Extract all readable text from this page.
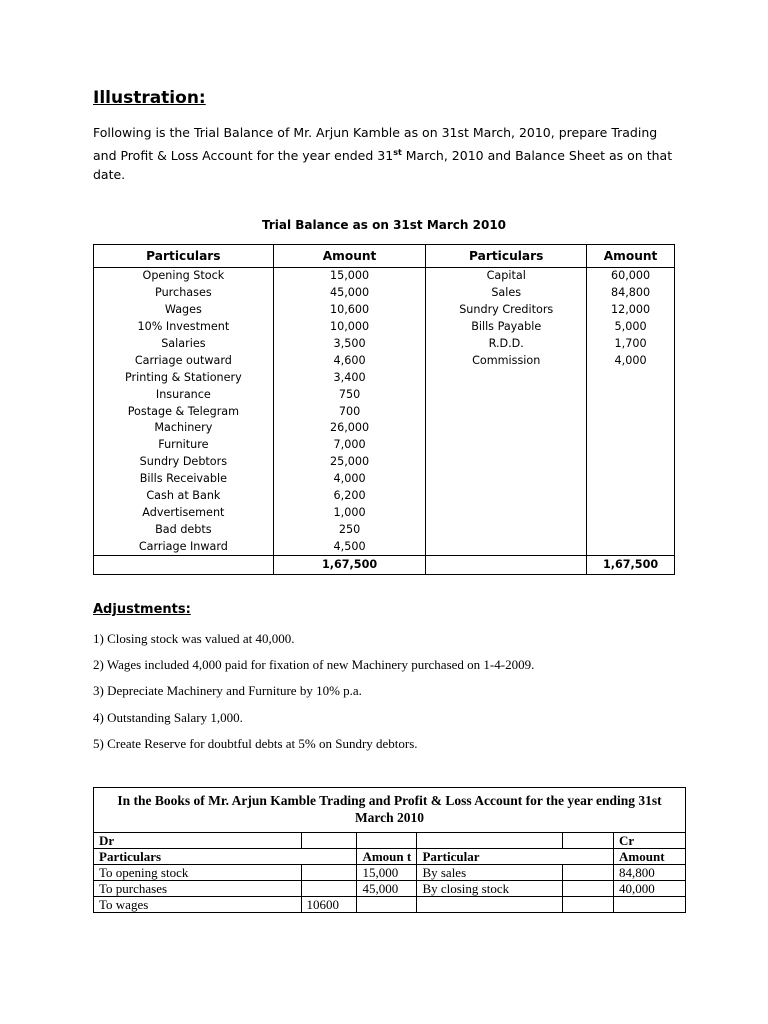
Illustration:
Following is the Trial Balance of Mr. Arjun Kamble as on 31st March, 2010, prepare Trading and Profit & Loss Account for the year ended 31st March, 2010 and Balance Sheet as on that date.
Trial Balance as on 31st March 2010
Particulars	Amount	Particulars	Amount
Opening Stock	15,000	Capital	60,000
Purchases	45,000	Sales	84,800
Wages	10,600	Sundry Creditors	12,000
10% Investment	10,000	Bills Payable	5,000
Salaries	3,500	R.D.D.	1,700
Carriage outward	4,600	Commission	4,000
Printing & Stationery	3,400		
Insurance	750		
Postage & Telegram	700		
Machinery	26,000		
Furniture	7,000		
Sundry Debtors	25,000		
Bills Receivable	4,000		
Cash at Bank	6,200		
Advertisement	1,000		
Bad debts	250		
Carriage Inward	4,500		
	1,67,500		1,67,500
Adjustments:
1) Closing stock was valued at 40,000.
2) Wages included 4,000 paid for fixation of new Machinery purchased on 1-4-2009.
3) Depreciate Machinery and Furniture by 10% p.a.
4) Outstanding Salary 1,000.
5) Create Reserve for doubtful debts at 5% on Sundry debtors.
In the Books of Mr. Arjun Kamble Trading and Profit & Loss Account for the year ending 31st March 2010					
Dr					Cr
Particulars		Amoun t	Particular		Amount
To opening stock		15,000	By sales		84,800
To purchases		45,000	By closing stock		40,000
To wages	10600				
